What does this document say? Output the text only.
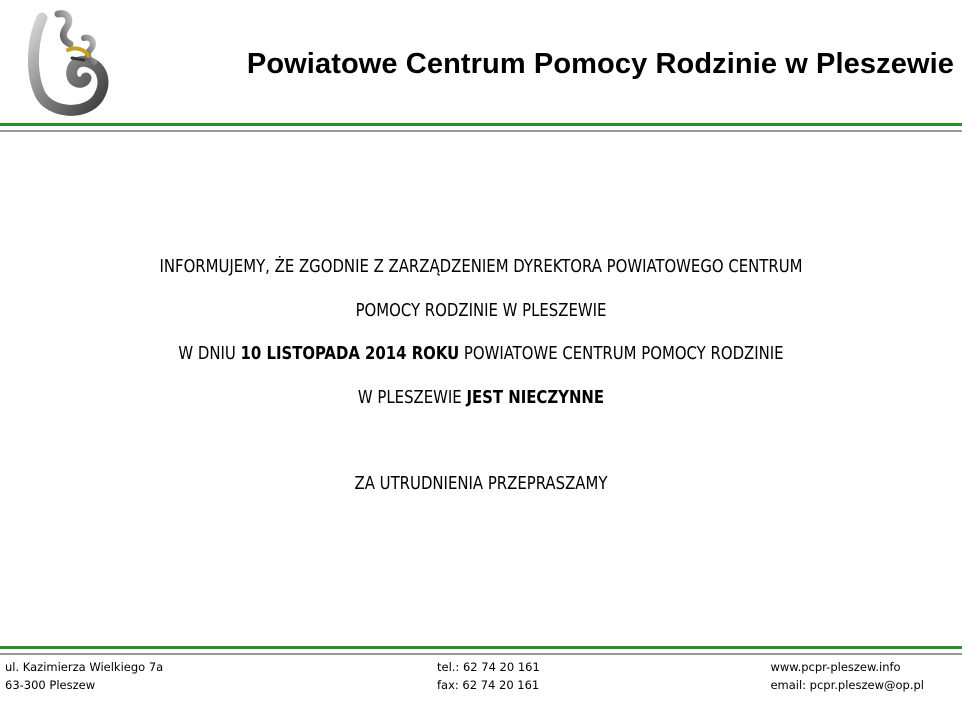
Powiatowe Centrum Pomocy Rodzinie w Pleszewie

INFORMUJEMY, ŻE ZGODNIE Z ZARZĄDZENIEM DYREKTORA POWIATOWEGO CENTRUM

POMOCY RODZINIE W PLESZEWIE

W DNIU 10 LISTOPADA 2014 ROKU POWIATOWE CENTRUM POMOCY RODZINIE

W PLESZEWIE JEST NIECZYNNE

ZA UTRUDNIENIA PRZEPRASZAMY

ul. Kazimierza Wielkiego 7a
63-300 Pleszew
tel.: 62 74 20 161
fax: 62 74 20 161
www.pcpr-pleszew.info
email: pcpr.pleszew@op.pl
